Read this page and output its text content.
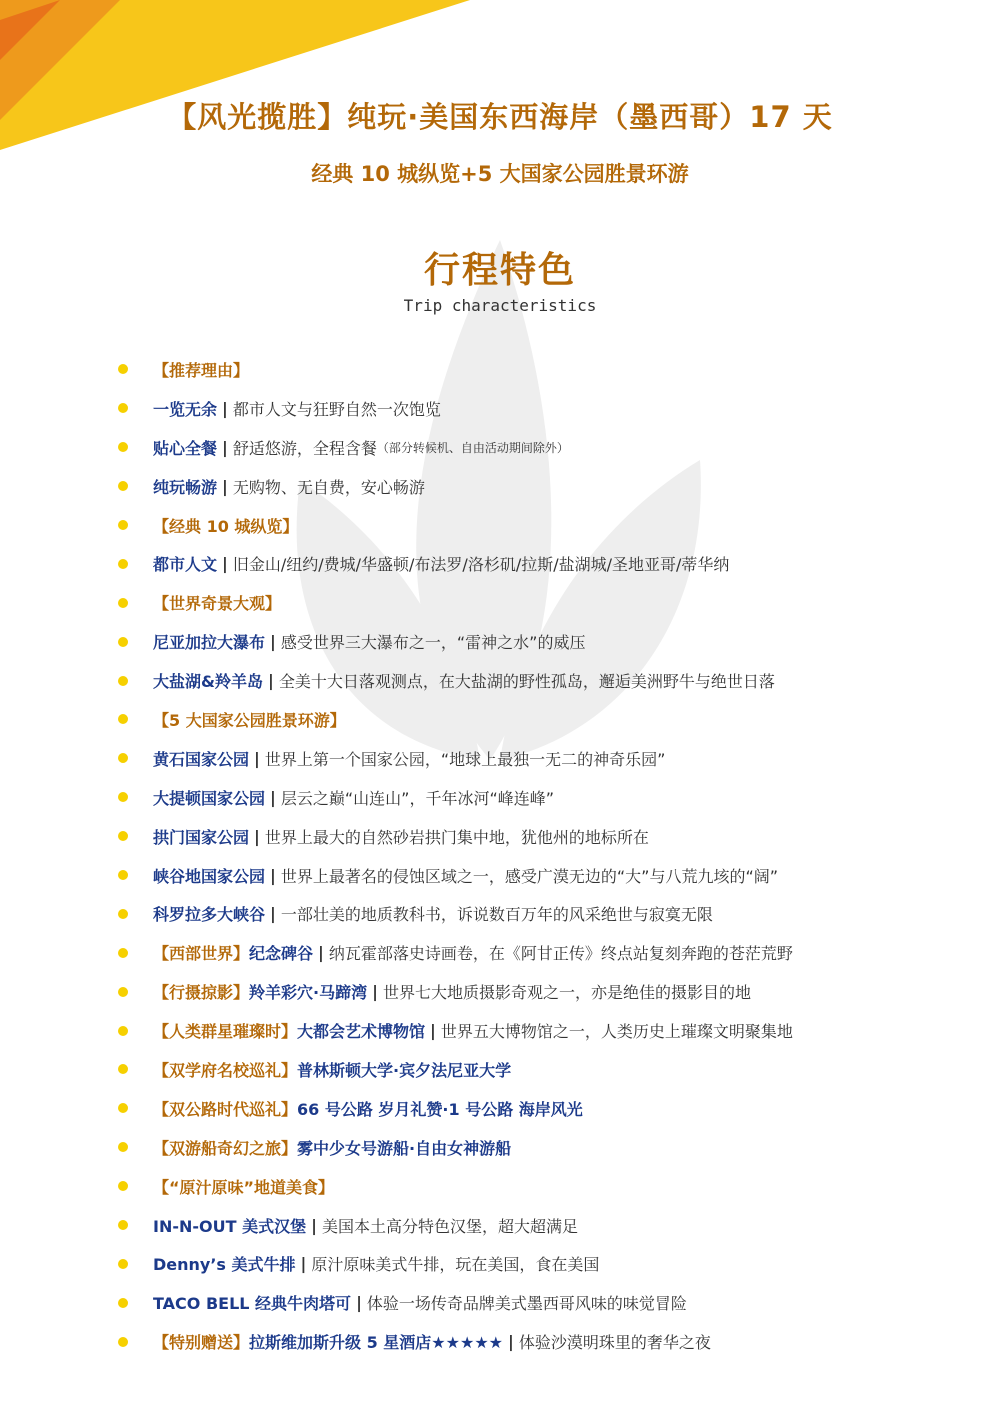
【风光揽胜】纯玩·美国东西海岸（墨西哥）17 天
经典 10 城纵览+5 大国家公园胜景环游
行程特色
Trip characteristics
【推荐理由】
一览无余 | 都市人文与狂野自然一次饱览
贴心全餐 | 舒适悠游，全程含餐 （部分转候机、自由活动期间除外）
纯玩畅游 | 无购物、无自费，安心畅游
【经典 10 城纵览】
都市人文 | 旧金山/纽约/费城/华盛顿/布法罗/洛杉矶/拉斯/盐湖城/圣地亚哥/蒂华纳
【世界奇景大观】
尼亚加拉大瀑布 | 感受世界三大瀑布之一，“雷神之水”的威压
大盐湖&羚羊岛 | 全美十大日落观测点，在大盐湖的野性孤岛，邂逅美洲野牛与绝世日落
【5 大国家公园胜景环游】
黄石国家公园 | 世界上第一个国家公园，“地球上最独一无二的神奇乐园”
大提顿国家公园 | 层云之巅“山连山”，千年冰河“峰连峰”
拱门国家公园 | 世界上最大的自然砂岩拱门集中地，犹他州的地标所在
峡谷地国家公园 | 世界上最著名的侵蚀区域之一，感受广漠无边的“大”与八荒九垓的“阔”
科罗拉多大峡谷 | 一部壮美的地质教科书，诉说数百万年的风采绝世与寂寞无限
【西部世界】 纪念碑谷 | 纳瓦霍部落史诗画卷，在《阿甘正传》终点站复刻奔跑的苍茫荒野
【行摄掠影】 羚羊彩穴·马蹄湾 | 世界七大地质摄影奇观之一，亦是绝佳的摄影目的地
【人类群星璀璨时】 大都会艺术博物馆 | 世界五大博物馆之一，人类历史上璀璨文明聚集地
【双学府名校巡礼】 普林斯顿大学·宾夕法尼亚大学
【双公路时代巡礼】 66 号公路 岁月礼赞·1 号公路 海岸风光
【双游船奇幻之旅】 雾中少女号游船·自由女神游船
【“原汁原味”地道美食】
IN-N-OUT 美式汉堡 | 美国本土高分特色汉堡，超大超满足
Denny’s 美式牛排 | 原汁原味美式牛排，玩在美国，食在美国
TACO BELL 经典牛肉塔可 | 体验一场传奇品牌美式墨西哥风味的味觉冒险
【特别赠送】 拉斯维加斯升级 5 星酒店★★★★★ | 体验沙漠明珠里的奢华之夜
